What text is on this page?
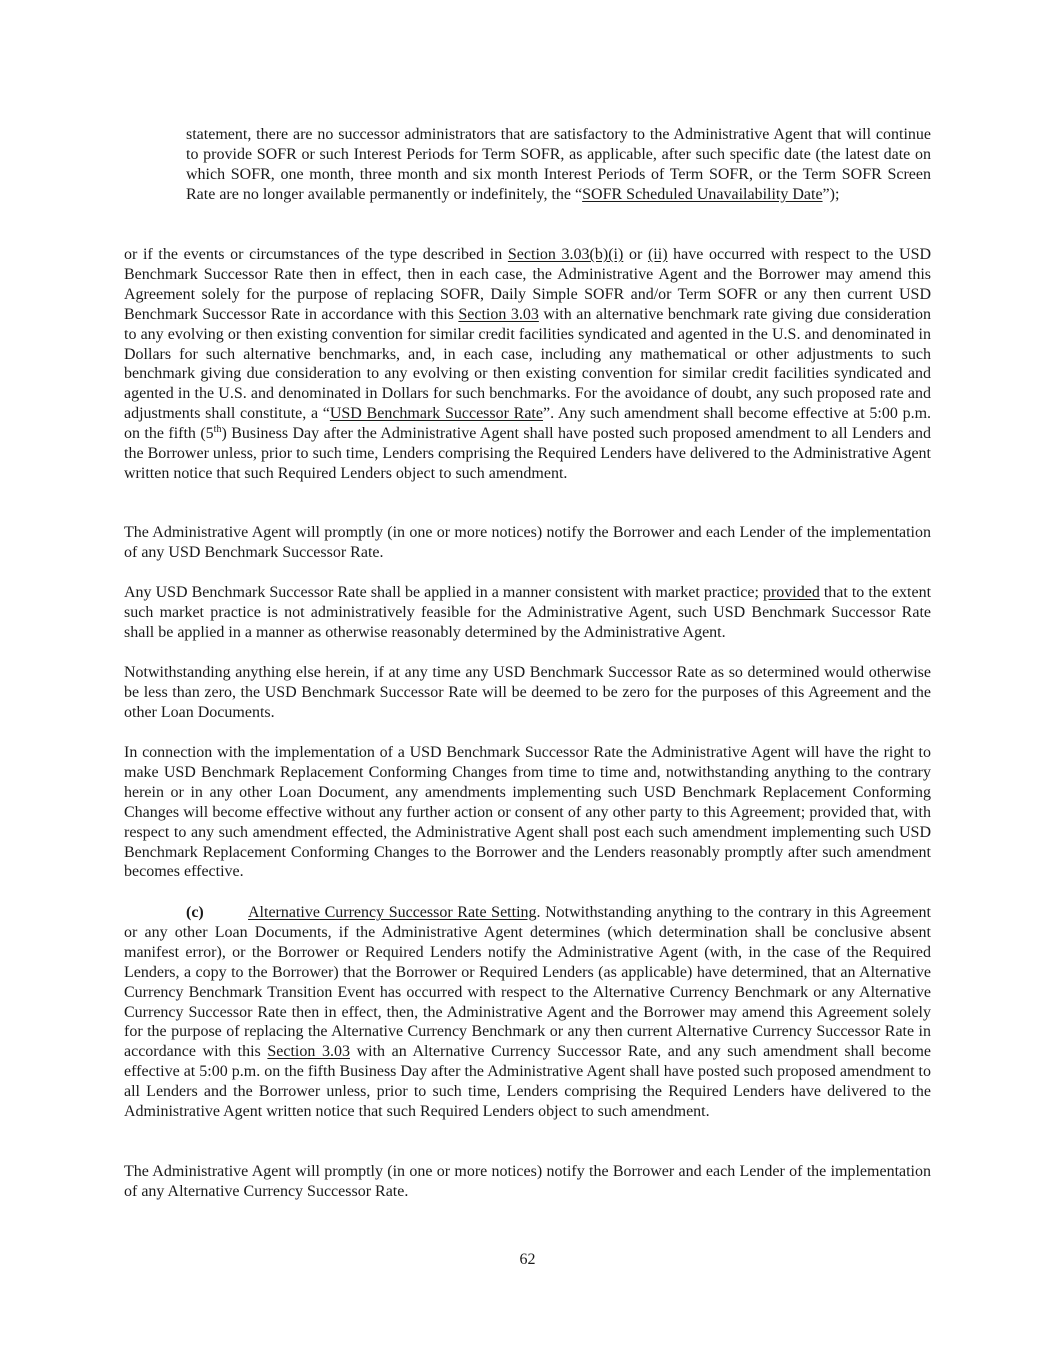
statement, there are no successor administrators that are satisfactory to the Administrative Agent that will continue to provide SOFR or such Interest Periods for Term SOFR, as applicable, after such specific date (the latest date on which SOFR, one month, three month and six month Interest Periods of Term SOFR, or the Term SOFR Screen Rate are no longer available permanently or indefinitely, the “SOFR Scheduled Unavailability Date”);

or if the events or circumstances of the type described in Section 3.03(b)(i) or (ii) have occurred with respect to the USD Benchmark Successor Rate then in effect, then in each case, the Administrative Agent and the Borrower may amend this Agreement solely for the purpose of replacing SOFR, Daily Simple SOFR and/or Term SOFR or any then current USD Benchmark Successor Rate in accordance with this Section 3.03 with an alternative benchmark rate giving due consideration to any evolving or then existing convention for similar credit facilities syndicated and agented in the U.S. and denominated in Dollars for such alternative benchmarks, and, in each case, including any mathematical or other adjustments to such benchmark giving due consideration to any evolving or then existing convention for similar credit facilities syndicated and agented in the U.S. and denominated in Dollars for such benchmarks. For the avoidance of doubt, any such proposed rate and adjustments shall constitute, a “USD Benchmark Successor Rate”. Any such amendment shall become effective at 5:00 p.m. on the fifth (5th) Business Day after the Administrative Agent shall have posted such proposed amendment to all Lenders and the Borrower unless, prior to such time, Lenders comprising the Required Lenders have delivered to the Administrative Agent written notice that such Required Lenders object to such amendment.

The Administrative Agent will promptly (in one or more notices) notify the Borrower and each Lender of the implementation of any USD Benchmark Successor Rate.

Any USD Benchmark Successor Rate shall be applied in a manner consistent with market practice; provided that to the extent such market practice is not administratively feasible for the Administrative Agent, such USD Benchmark Successor Rate shall be applied in a manner as otherwise reasonably determined by the Administrative Agent.

Notwithstanding anything else herein, if at any time any USD Benchmark Successor Rate as so determined would otherwise be less than zero, the USD Benchmark Successor Rate will be deemed to be zero for the purposes of this Agreement and the other Loan Documents.

In connection with the implementation of a USD Benchmark Successor Rate the Administrative Agent will have the right to make USD Benchmark Replacement Conforming Changes from time to time and, notwithstanding anything to the contrary herein or in any other Loan Document, any amendments implementing such USD Benchmark Replacement Conforming Changes will become effective without any further action or consent of any other party to this Agreement; provided that, with respect to any such amendment effected, the Administrative Agent shall post each such amendment implementing such USD Benchmark Replacement Conforming Changes to the Borrower and the Lenders reasonably promptly after such amendment becomes effective.

(c)	Alternative Currency Successor Rate Setting. Notwithstanding anything to the contrary in this Agreement or any other Loan Documents, if the Administrative Agent determines (which determination shall be conclusive absent manifest error), or the Borrower or Required Lenders notify the Administrative Agent (with, in the case of the Required Lenders, a copy to the Borrower) that the Borrower or Required Lenders (as applicable) have determined, that an Alternative Currency Benchmark Transition Event has occurred with respect to the Alternative Currency Benchmark or any Alternative Currency Successor Rate then in effect, then, the Administrative Agent and the Borrower may amend this Agreement solely for the purpose of replacing the Alternative Currency Benchmark or any then current Alternative Currency Successor Rate in accordance with this Section 3.03 with an Alternative Currency Successor Rate, and any such amendment shall become effective at 5:00 p.m. on the fifth Business Day after the Administrative Agent shall have posted such proposed amendment to all Lenders and the Borrower unless, prior to such time, Lenders comprising the Required Lenders have delivered to the Administrative Agent written notice that such Required Lenders object to such amendment.

The Administrative Agent will promptly (in one or more notices) notify the Borrower and each Lender of the implementation of any Alternative Currency Successor Rate.

62
